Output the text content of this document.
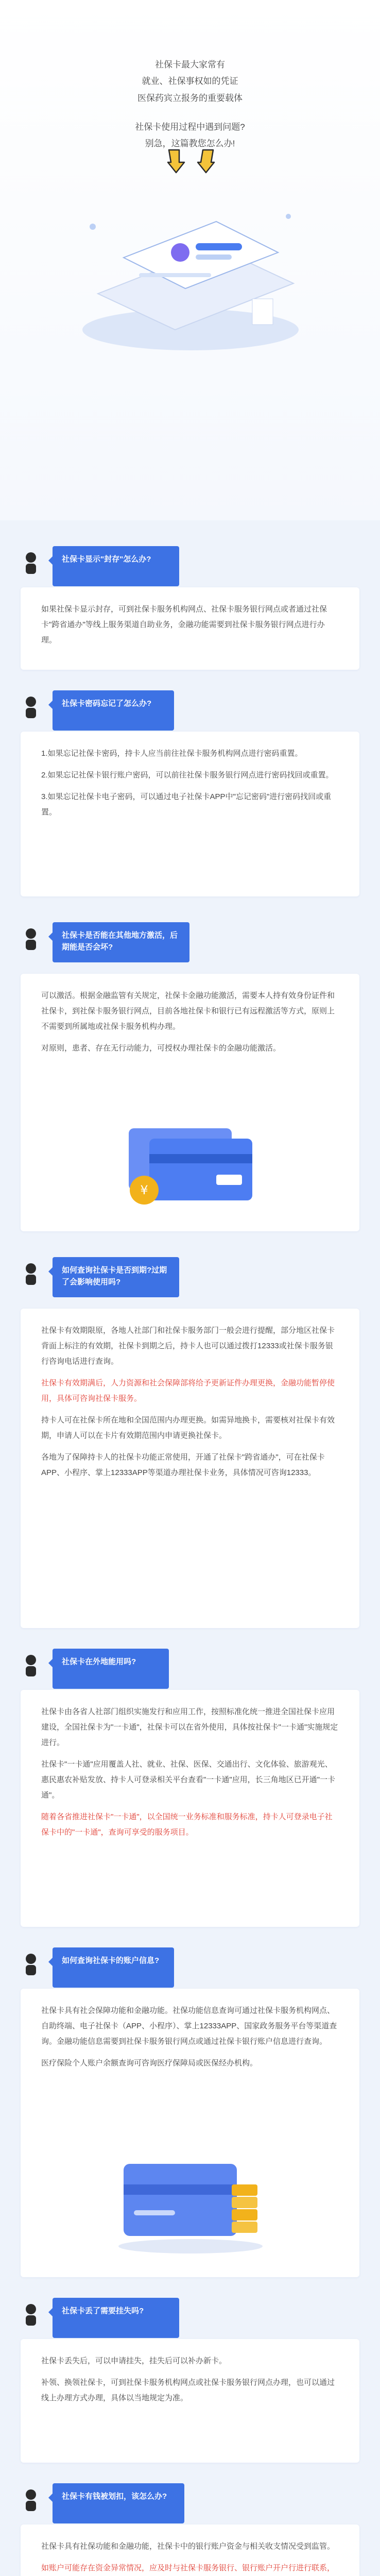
社保卡最大家常有

就业、社保事权如的凭证

医保药宾立报务的重要载体

社保卡使用过程中遇到问题?

别急，这篇教您怎么办!

社保卡显示"封存"怎么办?

如果社保卡显示封存，可到社保卡服务机构网点、社保卡服务银行网点或者通过社保卡"跨省通办"等线上服务渠道自助业务，金融功能需要到社保卡服务银行网点进行办理。

社保卡密码忘记了怎么办?

1.如果忘记社保卡密码，持卡人应当前往社保卡服务机构网点进行密码重置。

2.如果忘记社保卡银行账户密码，可以前往社保卡服务银行网点进行密码找回或重置。

3.如果忘记社保卡电子密码，可以通过电子社保卡APP中"忘记密码"进行密码找回或重置。

社保卡是否能在其他地方激活，后期能是否会坏?

可以激活。根据金融监管有关规定，社保卡金融功能激活，需要本人持有效身份证件和社保卡，到社保卡服务银行网点，目前各地社保卡和银行已有远程激活等方式，原则上不需要到所属地或社保卡服务机构办理。

对原则，患者、存在无行动能力，可授权办理社保卡的金融功能激活。

¥
如何查询社保卡是否到期?过期了会影响使用吗?

社保卡有效期限原，各地人社部门和社保卡服务部门一般会进行提醒，部分地区社保卡背面上标注的有效期，社保卡到期之后，持卡人也可以通过拨打12333或社保卡服务银行咨询电话进行查询。

社保卡有效期满后，人力资源和社会保障部将给予更新证件办理更换，金融功能暂停使用，具体可咨询社保卡服务。

持卡人可在社保卡所在地和全国范围内办理更换。如需异地换卡，需要核对社保卡有效期，申请人可以在卡片有效期范围内申请更换社保卡。

各地为了保障持卡人的社保卡功能正常使用，开通了社保卡"跨省通办"，可在社保卡APP、小程序、掌上12333APP等渠道办理社保卡业务，具体情况可咨询12333。

社保卡在外地能用吗?

社保卡由各省人社部门组织实施发行和应用工作，按照标准化统一推进全国社保卡应用建设，全国社保卡为"一卡通"，社保卡可以在省外使用，具体按社保卡"一卡通"实施规定进行。

社保卡"一卡通"应用覆盖人社、就业、社保、医保、交通出行、文化体验、旅游观光、惠民惠农补贴发放、持卡人可登录相关平台查看"一卡通"应用，长三角地区已开通"一卡通"。

随着各省推进社保卡"一卡通"，以全国统一业务标准和服务标准，持卡人可登录电子社保卡中的"一卡通"，查询可享受的服务项目。

如何查询社保卡的账户信息?

社保卡具有社会保障功能和金融功能。社保功能信息查询可通过社保卡服务机构网点、自助终端、电子社保卡（APP、小程序）、掌上12333APP、国家政务服务平台等渠道查询。金融功能信息需要到社保卡服务银行网点或通过社保卡银行账户信息进行查询。

医疗保险个人账户余额查询可咨询医疗保障局或医保经办机构。

社保卡丢了需要挂失吗?

社保卡丢失后，可以申请挂失，挂失后可以补办新卡。

补领、换领社保卡，可到社保卡服务机构网点或社保卡服务银行网点办理，也可以通过线上办理方式办理，具体以当地规定为准。

社保卡有钱被划扣，该怎么办?

社保卡具有社保功能和金融功能，社保卡中的银行账户资金与相关收支情况受到监管。

如账户可能存在资金异常情况，应及时与社保卡服务银行、银行账户开户行进行联系，
